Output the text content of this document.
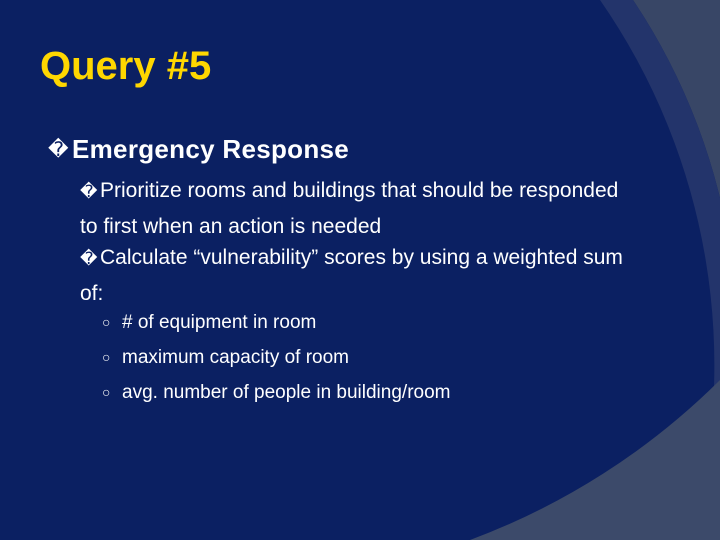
Query #5
� Emergency Response
� Prioritize rooms and buildings that should be responded to first when an action is needed
� Calculate “vulnerability” scores by using a weighted sum of:
○ # of equipment in room
○ maximum capacity of room
○ avg. number of people in building/room
